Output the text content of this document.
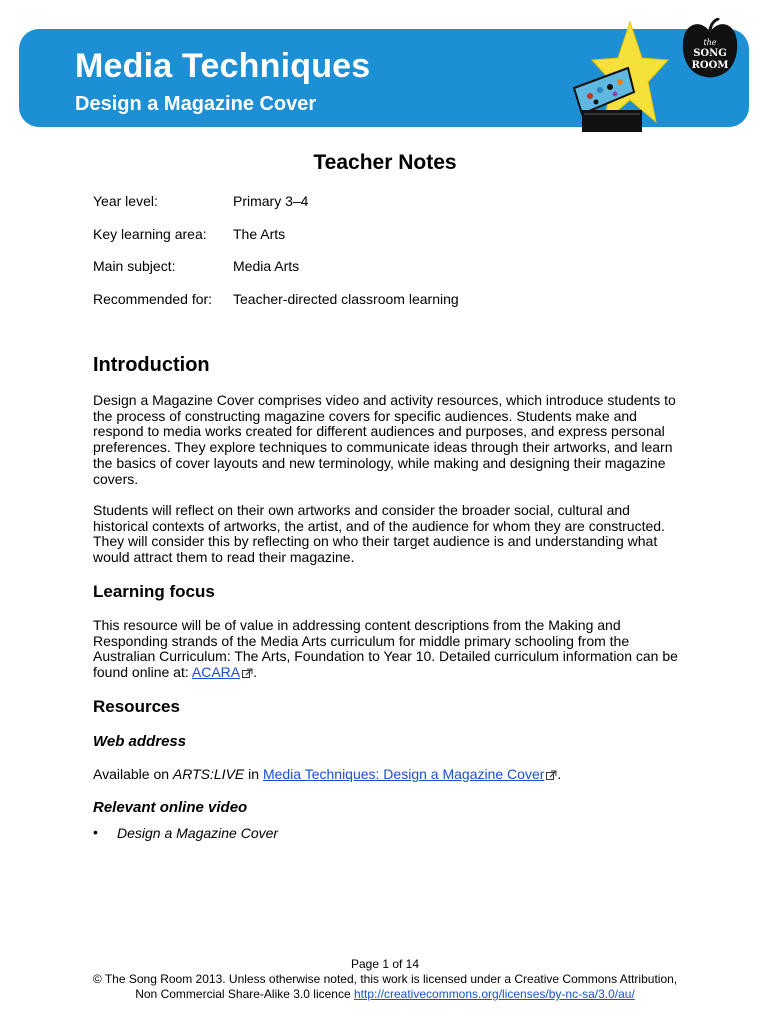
Media Techniques
Design a Magazine Cover
the
SONG
ROOM
Teacher Notes
Year level:	Primary 3–4
Key learning area: The Arts
Main subject:	Media Arts
Recommended for: Teacher-directed classroom learning
Introduction

Design a Magazine Cover comprises video and activity resources, which introduce students to the process of constructing magazine covers for specific audiences. Students make and respond to media works created for different audiences and purposes, and express personal preferences. They explore techniques to communicate ideas through their artworks, and learn the basics of cover layouts and new terminology, while making and designing their magazine covers.

Students will reflect on their own artworks and consider the broader social, cultural and historical contexts of artworks, the artist, and of the audience for whom they are constructed. They will consider this by reflecting on who their target audience is and understanding what would attract them to read their magazine.

Learning focus

This resource will be of value in addressing content descriptions from the Making and Responding strands of the Media Arts curriculum for middle primary schooling from the Australian Curriculum: The Arts, Foundation to Year 10. Detailed curriculum information can be found online at: ACARA .

Resources
Web address

Available on ARTS:LIVE in Media Techniques: Design a Magazine Cover .

Relevant online video
• Design a Magazine Cover
Page 1 of 14
© The Song Room 2013. Unless otherwise noted, this work is licensed under a Creative Commons Attribution,
Non Commercial Share-Alike 3.0 licence http://creativecommons.org/licenses/by-nc-sa/3.0/au/
